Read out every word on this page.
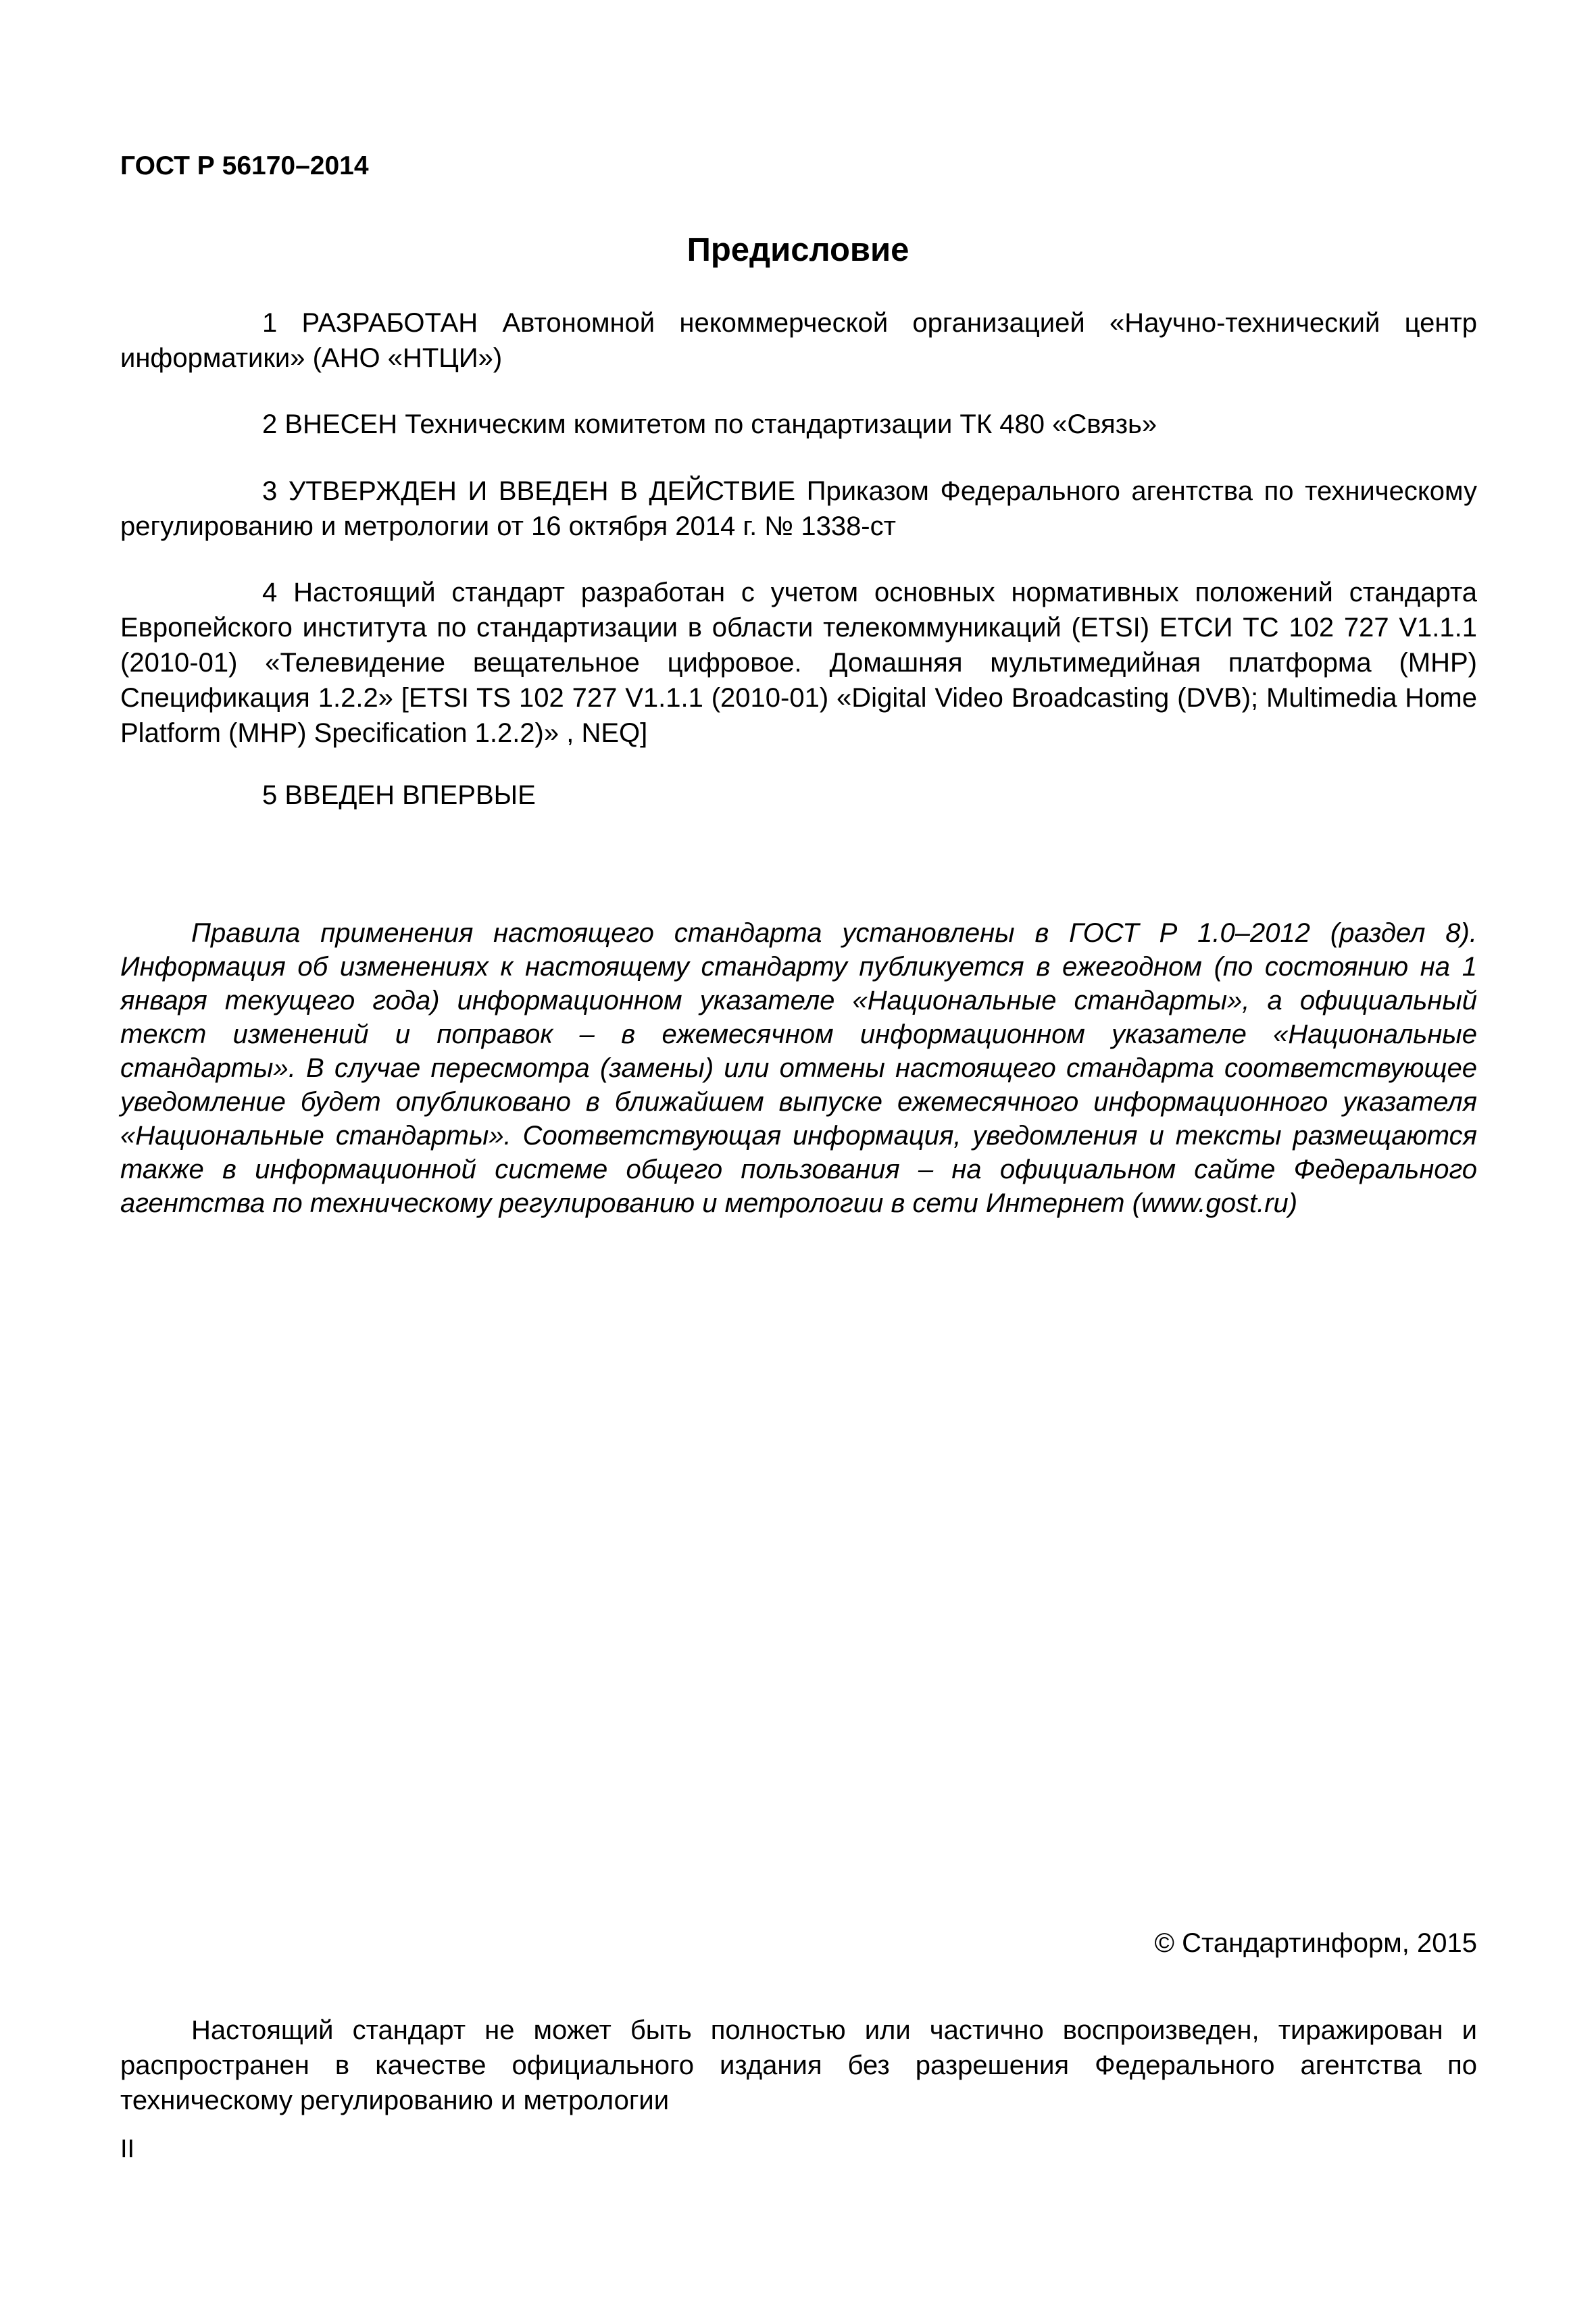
ГОСТ Р 56170–2014
Предисловие
1 РАЗРАБОТАН Автономной некоммерческой организацией «Научно-технический центр информатики» (АНО «НТЦИ»)
2 ВНЕСЕН Техническим комитетом по стандартизации ТК 480 «Связь»
3 УТВЕРЖДЕН И ВВЕДЕН В ДЕЙСТВИЕ Приказом Федерального агентства по техническому регулированию и метрологии от 16 октября 2014 г. № 1338-ст
4 Настоящий стандарт разработан с учетом основных нормативных положений стандарта Европейского института по стандартизации в области телекоммуникаций (ETSI) ЕТСИ ТС 102 727 V1.1.1 (2010-01) «Телевидение вещательное цифровое. Домашняя мультимедийная платформа (MHP) Спецификация 1.2.2» [ETSI TS 102 727 V1.1.1 (2010-01) «Digital Video Broadcasting (DVB); Multimedia Home Platform (MHP) Specification 1.2.2)» , NEQ]
5 ВВЕДЕН ВПЕРВЫЕ
Правила применения настоящего стандарта установлены в ГОСТ Р 1.0–2012 (раздел 8). Информация об изменениях к настоящему стандарту публикуется в ежегодном (по состоянию на 1 января текущего года) информационном указателе «Национальные стандарты», а официальный текст изменений и поправок – в ежемесячном информационном указателе «Национальные стандарты». В случае пересмотра (замены) или отмены настоящего стандарта соответствующее уведомление будет опубликовано в ближайшем выпуске ежемесячного информационного указателя «Национальные стандарты». Соответствующая информация, уведомления и тексты размещаются также в информационной системе общего пользования – на официальном сайте Федерального агентства по техническому регулированию и метрологии в сети Интернет (www.gost.ru)
© Стандартинформ, 2015
Настоящий стандарт не может быть полностью или частично воспроизведен, тиражирован и распространен в качестве официального издания без разрешения Федерального агентства по техническому регулированию и метрологии
II
